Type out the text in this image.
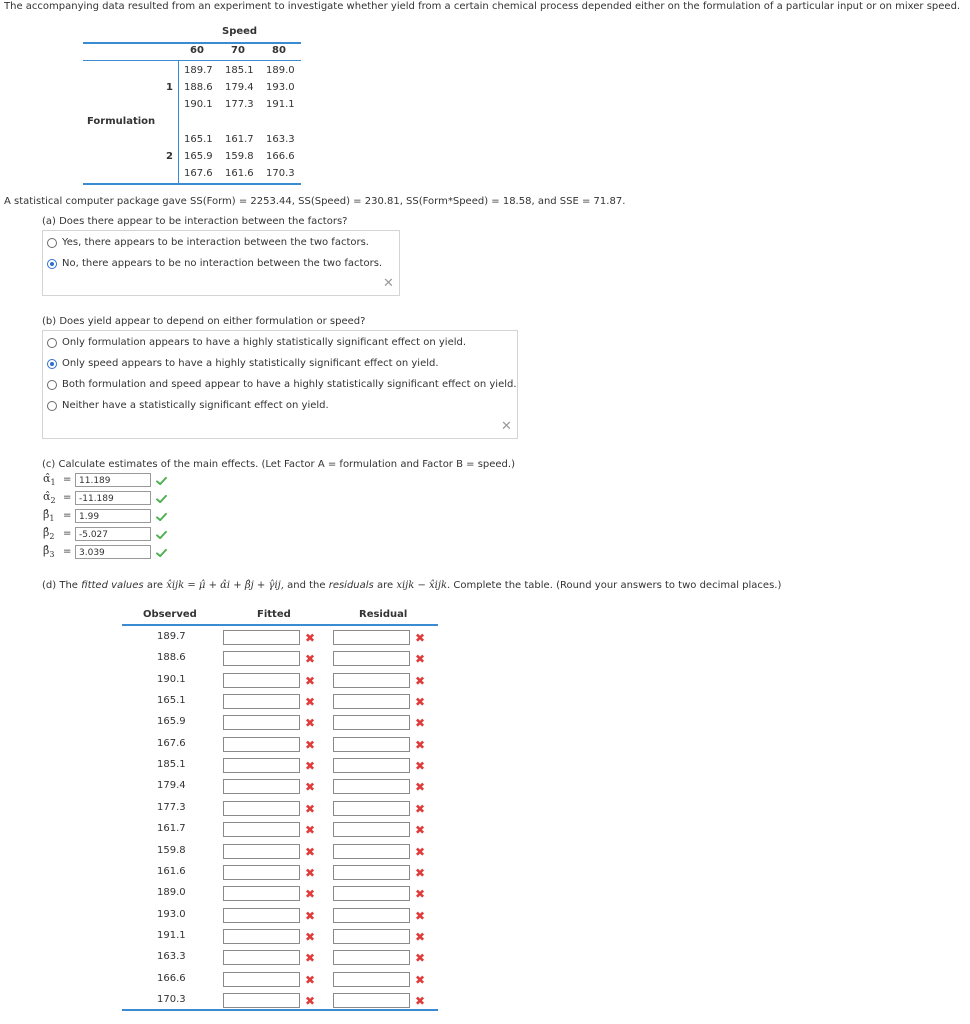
The accompanying data resulted from an experiment to investigate whether yield from a certain chemical process depended either on the formulation of a particular input or on mixer speed.
Speed
60	70	80
Formulation
1
189.7 185.1 189.0
188.6 179.4 193.0
190.1 177.3 191.1
2
165.1 161.7 163.3
165.9 159.8 166.6
167.6 161.6 170.3
A statistical computer package gave SS(Form) = 2253.44, SS(Speed) = 230.81, SS(Form*Speed) = 18.58, and SSE = 71.87.
(a) Does there appear to be interaction between the factors?
Yes, there appears to be interaction between the two factors.
No, there appears to be no interaction between the two factors.
✕
(b) Does yield appear to depend on either formulation or speed?
Only formulation appears to have a highly statistically significant effect on yield.
Only speed appears to have a highly statistically significant effect on yield.
Both formulation and speed appear to have a highly statistically significant effect on yield.
Neither have a statistically significant effect on yield.
✕
(c) Calculate estimates of the main effects. (Let Factor A = formulation and Factor B = speed.)
$\alphâ_1 = 11.189$
$\alphâ_2 = -11.189$
$\betâ_1 = 1.99$
$\betâ_2 = -5.027$
$\betâ_3 = 3.039$
(d) The fitted values are x̂ijk = μ̂ + α̂i + β̂j + γ̂ij, and the residuals are xijk − x̂ijk. Complete the table. (Round your answers to two decimal places.)
Observed	Fitted	Residual
189.7	✖	✖
188.6	✖	✖
190.1	✖	✖
165.1	✖	✖
165.9	✖	✖
167.6	✖	✖
185.1	✖	✖
179.4	✖	✖
177.3	✖	✖
161.7	✖	✖
159.8	✖	✖
161.6	✖	✖
189.0	✖	✖
193.0	✖	✖
191.1	✖	✖
163.3	✖	✖
166.6	✖	✖
170.3	✖	✖
